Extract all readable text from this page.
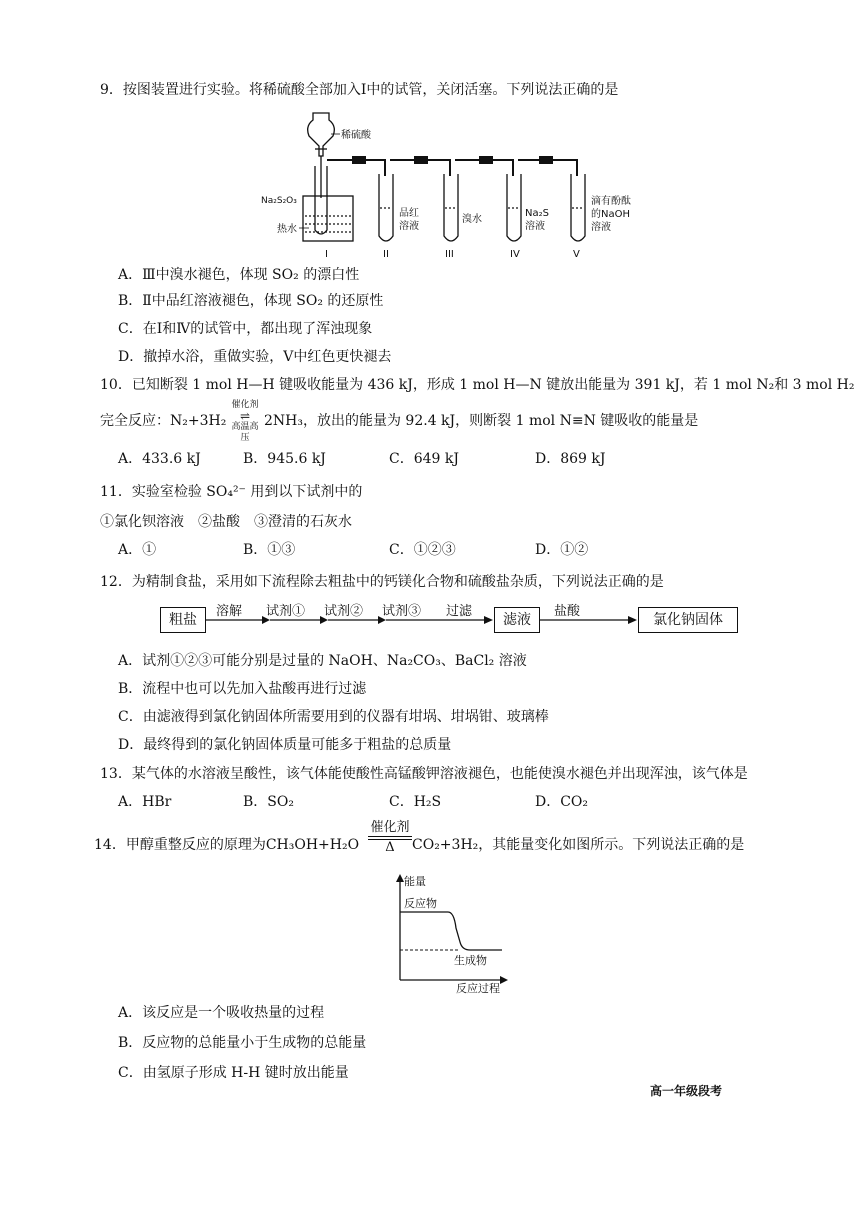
9．按图装置进行实验。将稀硫酸全部加入Ⅰ中的试管，关闭活塞。下列说法正确的是
稀硫酸
Na₂S₂O₃
热水
品红
溶液
溴水
Na₂S
溶液
滴有酚酞
的NaOH
溶液
I	II	III	IV	V
A．Ⅲ中溴水褪色，体现 SO₂ 的漂白性
B．Ⅱ中品红溶液褪色，体现 SO₂ 的还原性
C．在Ⅰ和Ⅳ的试管中，都出现了浑浊现象
D．撤掉水浴，重做实验，Ⅴ中红色更快褪去
10．已知断裂 1 mol H—H 键吸收能量为 436 kJ，形成 1 mol H—N 键放出能量为 391 kJ，若 1 mol N₂和 3 mol H₂
完全反应：N₂+3H₂
催化剂
⇌
高温高压
2NH₃，放出的能量为 92.4 kJ，则断裂 1 mol N≡N 键吸收的能量是
A．433.6 kJ	B．945.6 kJ	C．649 kJ	D．869 kJ
11．实验室检验 SO₄²⁻ 用到以下试剂中的
①氯化钡溶液　②盐酸　③澄清的石灰水
A．①	B．①③	C．①②③	D．①②
12．为精制食盐，采用如下流程除去粗盐中的钙镁化合物和硫酸盐杂质，下列说法正确的是
粗盐
溶解 试剂① 试剂② 试剂③ 过滤
滤液
盐酸
氯化钠固体
A．试剂①②③可能分别是过量的 NaOH、Na₂CO₃、BaCl₂ 溶液
B．流程中也可以先加入盐酸再进行过滤
C．由滤液得到氯化钠固体所需要用到的仪器有坩埚、坩埚钳、玻璃棒
D．最终得到的氯化钠固体质量可能多于粗盐的总质量
13．某气体的水溶液呈酸性，该气体能使酸性高锰酸钾溶液褪色，也能使溴水褪色并出现浑浊，该气体是
A．HBr	B．SO₂	C．H₂S	D．CO₂
14．甲醇重整反应的原理为CH₃OH+H₂O
催化剂
Δ	CO₂+3H₂，其能量变化如图所示。下列说法正确的是
能量
反应物
生成物
反应过程
A．该反应是一个吸收热量的过程
B．反应物的总能量小于生成物的总能量
C．由氢原子形成 H-H 键时放出能量
高一年级段考
